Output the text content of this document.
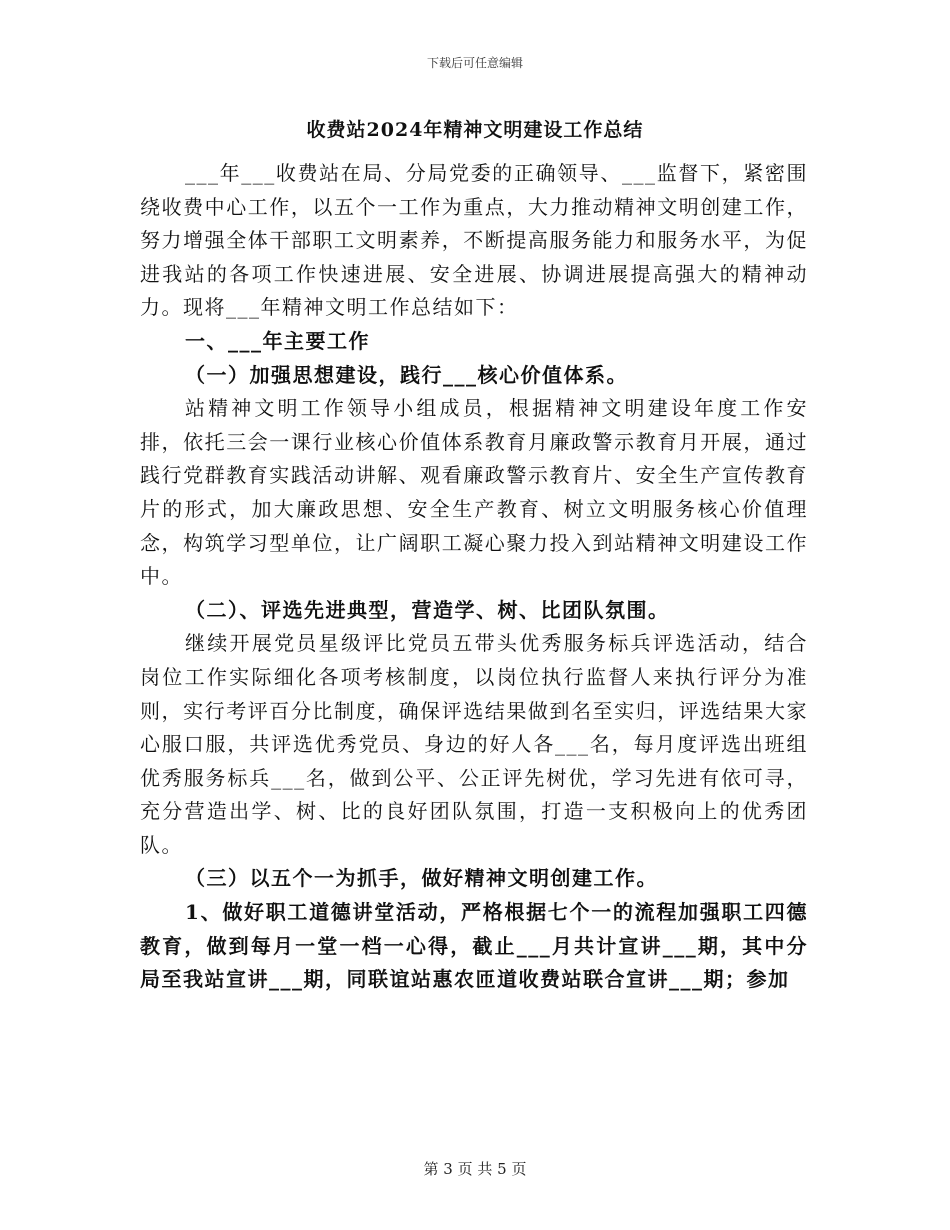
下载后可任意编辑
收费站2024年精神文明建设工作总结

___年___收费站在局、分局党委的正确领导、___监督下，紧密围绕收费中心工作，以五个一工作为重点，大力推动精神文明创建工作，努力增强全体干部职工文明素养，不断提高服务能力和服务水平，为促进我站的各项工作快速进展、安全进展、协调进展提高强大的精神动力。现将___年精神文明工作总结如下：

一、___年主要工作

（一）加强思想建设，践行___核心价值体系。

站精神文明工作领导小组成员，根据精神文明建设年度工作安排，依托三会一课行业核心价值体系教育月廉政警示教育月开展，通过践行党群教育实践活动讲解、观看廉政警示教育片、安全生产宣传教育片的形式，加大廉政思想、安全生产教育、树立文明服务核心价值理念，构筑学习型单位，让广阔职工凝心聚力投入到站精神文明建设工作中。

（二）、评选先进典型，营造学、树、比团队氛围。

继续开展党员星级评比党员五带头优秀服务标兵评选活动，结合岗位工作实际细化各项考核制度，以岗位执行监督人来执行评分为准则，实行考评百分比制度，确保评选结果做到名至实归，评选结果大家心服口服，共评选优秀党员、身边的好人各___名，每月度评选出班组优秀服务标兵___名，做到公平、公正评先树优，学习先进有依可寻，充分营造出学、树、比的良好团队氛围，打造一支积极向上的优秀团队。

（三）以五个一为抓手，做好精神文明创建工作。

1、做好职工道德讲堂活动，严格根据七个一的流程加强职工四德教育，做到每月一堂一档一心得，截止___月共计宣讲___期，其中分局至我站宣讲___期，同联谊站惠农匝道收费站联合宣讲___期；参加

第 3 页 共 5 页
